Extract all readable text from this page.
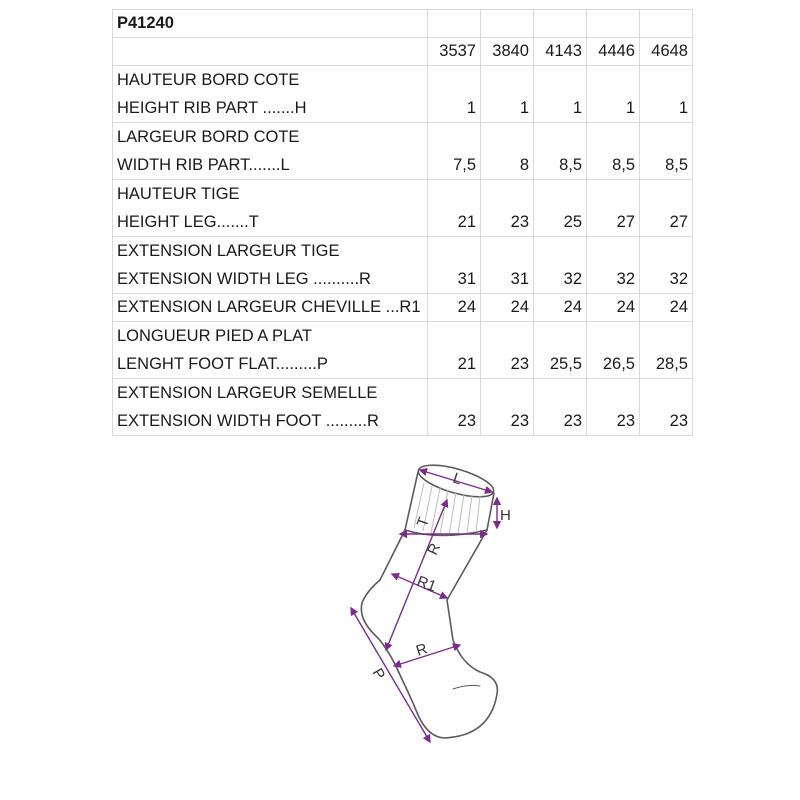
P41240					
	3537	3840	4143	4446	4648

HAUTEUR BORD COTE
HEIGHT RIB PART .......H	1	1	1	1	1

LARGEUR BORD COTE
WIDTH RIB PART.......L	7,5	8	8,5	8,5	8,5

HAUTEUR TIGE
HEIGHT LEG.......T	21	23	25	27	27

EXTENSION LARGEUR TIGE
EXTENSION WIDTH LEG ..........R	31	31	32	32	32

EXTENSION LARGEUR CHEVILLE ...R1	24	24	24	24	24

LONGUEUR PIED A PLAT
LENGHT FOOT FLAT.........P	21	23	25,5	26,5	28,5

EXTENSION LARGEUR SEMELLE
EXTENSION WIDTH FOOT .........R	23	23	23	23	23
L
H
T
R
R1
R
P
